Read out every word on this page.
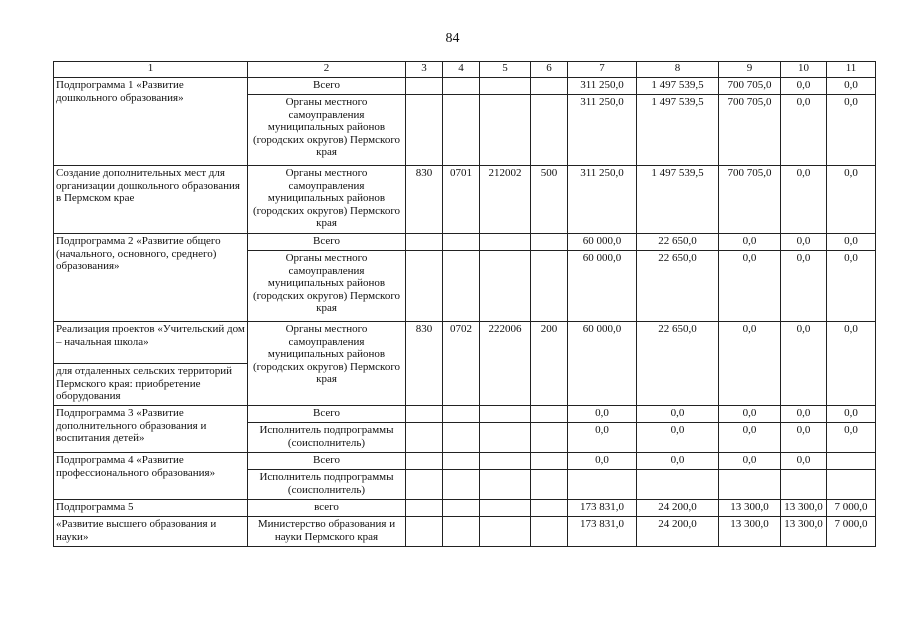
84
1	2	3	4	5	6	7	8	9	10	11
Подпрограмма 1 «Развитие дошкольного образования»	Всего					311 250,0	1 497 539,5	700 705,0	0,0	0,0
	Органы местного самоуправления муниципальных районов (городских округов) Пермского края					311 250,0	1 497 539,5	700 705,0	0,0	0,0
Создание дополнительных мест для организации дошкольного образования в Пермском крае	Органы местного самоуправления муниципальных районов (городских округов) Пермского края	830	0701	212002	500	311 250,0	1 497 539,5	700 705,0	0,0	0,0
Подпрограмма 2 «Развитие общего (начального, основного, среднего) образования»	Всего					60 000,0	22 650,0	0,0	0,0	0,0
	Органы местного самоуправления муниципальных районов (городских округов) Пермского края					60 000,0	22 650,0	0,0	0,0	0,0
Реализация проектов «Учительский дом – начальная школа»	Органы местного самоуправления муниципальных районов (городских округов) Пермского края	830	0702	222006	200	60 000,0	22 650,0	0,0	0,0	0,0
для отдаленных сельских территорий Пермского края: приобретение оборудования										
Подпрограмма 3 «Развитие дополнительного образования и воспитания детей»	Всего					0,0	0,0	0,0	0,0	0,0
	Исполнитель подпрограммы (соисполнитель)					0,0	0,0	0,0	0,0	0,0
Подпрограмма 4 «Развитие профессионального образования»	Всего					0,0	0,0	0,0	0,0	
	Исполнитель подпрограммы (соисполнитель)									
Подпрограмма 5	всего					173 831,0	24 200,0	13 300,0	13 300,0	7 000,0
«Развитие высшего образования и науки»	Министерство образования и науки Пермского края					173 831,0	24 200,0	13 300,0	13 300,0	7 000,0
